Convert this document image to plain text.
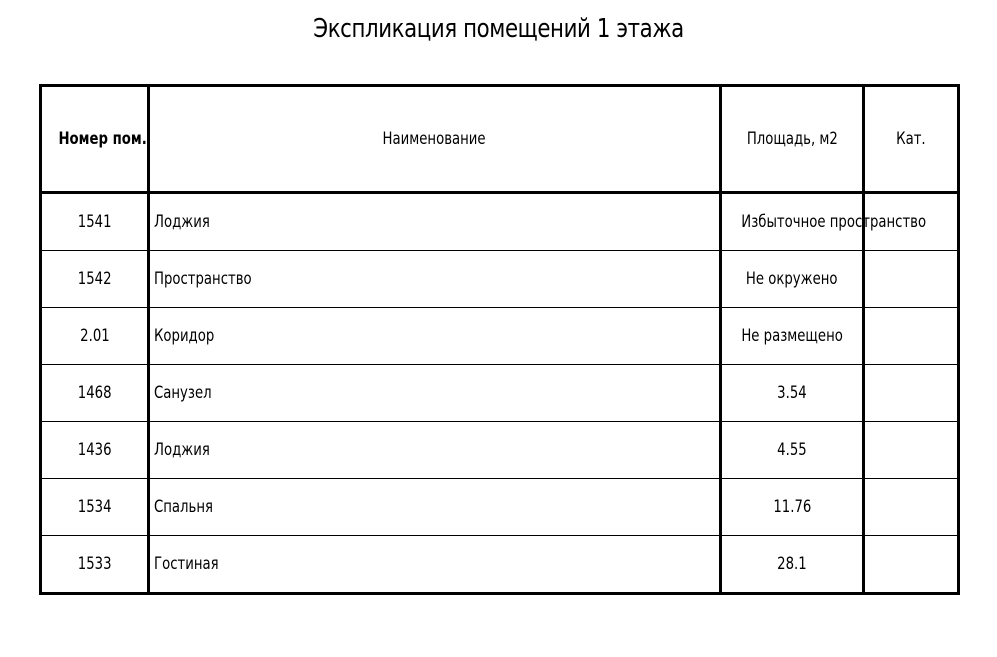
Экспликация помещений 1 этажа
Номер пом.	Наименование	Площадь, м2	Кат.
1541	Лоджия	Избыточное пространство	
1542	Пространство	Не окружено	
2.01	Коридор	Не размещено	
1468	Санузел	3.54	
1436	Лоджия	4.55	
1534	Спальня	11.76	
1533	Гостиная	28.1	
